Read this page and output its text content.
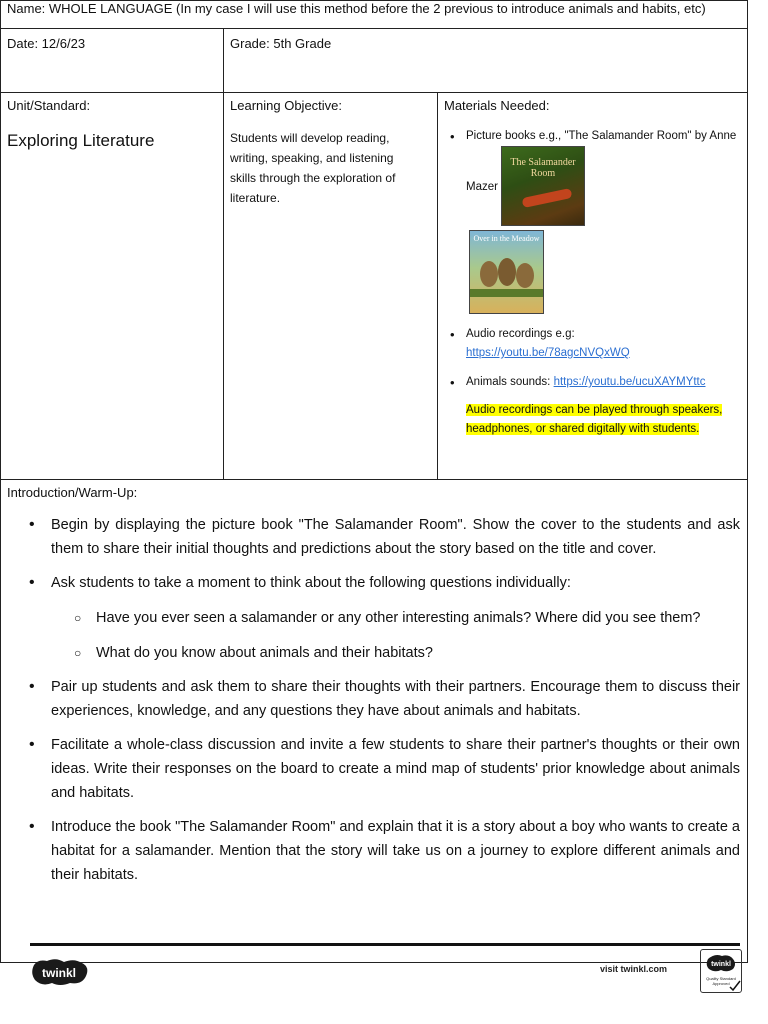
Name: WHOLE LANGUAGE (In my case I will use this method before the 2 previous to introduce animals and habits, etc)
Date: 12/6/23	Grade: 5th Grade
Unit/Standard:
Exploring Literature
Learning Objective:
Students will develop reading, writing, speaking, and listening skills through the exploration of literature.
Materials Needed:
• Picture books e.g., "The Salamander Room" by Anne
Mazer
The Salamander Room
Over in the Meadow
• Audio recordings e.g:
https://youtu.be/78agcNVQxWQ
• Animals sounds: https://youtu.be/ucuXAYMYttc
Audio recordings can be played through speakers, headphones, or shared digitally with students.
Introduction/Warm-Up:
• Begin by displaying the picture book "The Salamander Room". Show the cover to the students and ask them to share their initial thoughts and predictions about the story based on the title and cover.
• Ask students to take a moment to think about the following questions individually:
○ Have you ever seen a salamander or any other interesting animals? Where did you see them?
○ What do you know about animals and their habitats?
• Pair up students and ask them to share their thoughts with their partners. Encourage them to discuss their experiences, knowledge, and any questions they have about animals and habitats.
• Facilitate a whole-class discussion and invite a few students to share their partner's thoughts or their own ideas. Write their responses on the board to create a mind map of students' prior knowledge about animals and habitats.
• Introduce the book "The Salamander Room" and explain that it is a story about a boy who wants to create a habitat for a salamander. Mention that the story will take us on a journey to explore different animals and their habitats.
twinkl	visit twinkl.com	twinkl
Quality Standard Approved
